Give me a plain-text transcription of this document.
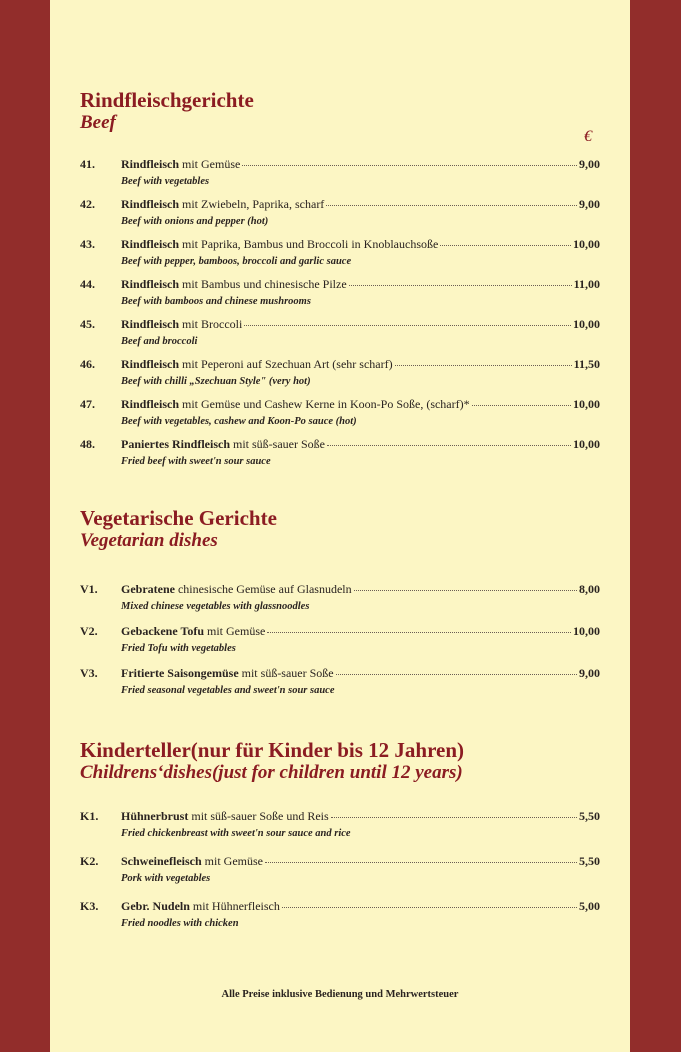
Rindfleischgerichte
Beef
€
41.	Rindfleisch mit Gemüse	9,00
Beef with vegetables
42.	Rindfleisch mit Zwiebeln, Paprika, scharf	9,00
Beef with onions and pepper (hot)
43.	Rindfleisch mit Paprika, Bambus und Broccoli in Knoblauchsoße	10,00
Beef with pepper, bamboos, broccoli and garlic sauce
44.	Rindfleisch mit Bambus und chinesische Pilze	11,00
Beef with bamboos and chinese mushrooms
45.	Rindfleisch mit Broccoli	10,00
Beef and broccoli
46.	Rindfleisch mit Peperoni auf Szechuan Art (sehr scharf)	11,50
Beef with chilli „Szechuan Style" (very hot)
47.	Rindfleisch mit Gemüse und Cashew Kerne in Koon-Po Soße, (scharf)*	10,00
Beef with vegetables, cashew and Koon-Po sauce (hot)
48.	Paniertes Rindfleisch mit süß-sauer Soße	10,00
Fried beef with sweet'n sour sauce
Vegetarische Gerichte
Vegetarian dishes
V1.	Gebratene chinesische Gemüse auf Glasnudeln	8,00
Mixed chinese vegetables with glassnoodles
V2.	Gebackene Tofu mit Gemüse	10,00
Fried Tofu with vegetables
V3.	Fritierte Saisongemüse mit süß-sauer Soße	9,00
Fried seasonal vegetables and sweet'n sour sauce
Kinderteller(nur für Kinder bis 12 Jahren)
Childrens‘dishes(just for children until 12 years)
K1.	Hühnerbrust mit süß-sauer Soße und Reis	5,50
Fried chickenbreast with sweet'n sour sauce and rice
K2.	Schweinefleisch mit Gemüse	5,50
Pork with vegetables
K3.	Gebr. Nudeln mit Hühnerfleisch	5,00
Fried noodles with chicken
Alle Preise inklusive Bedienung und Mehrwertsteuer
